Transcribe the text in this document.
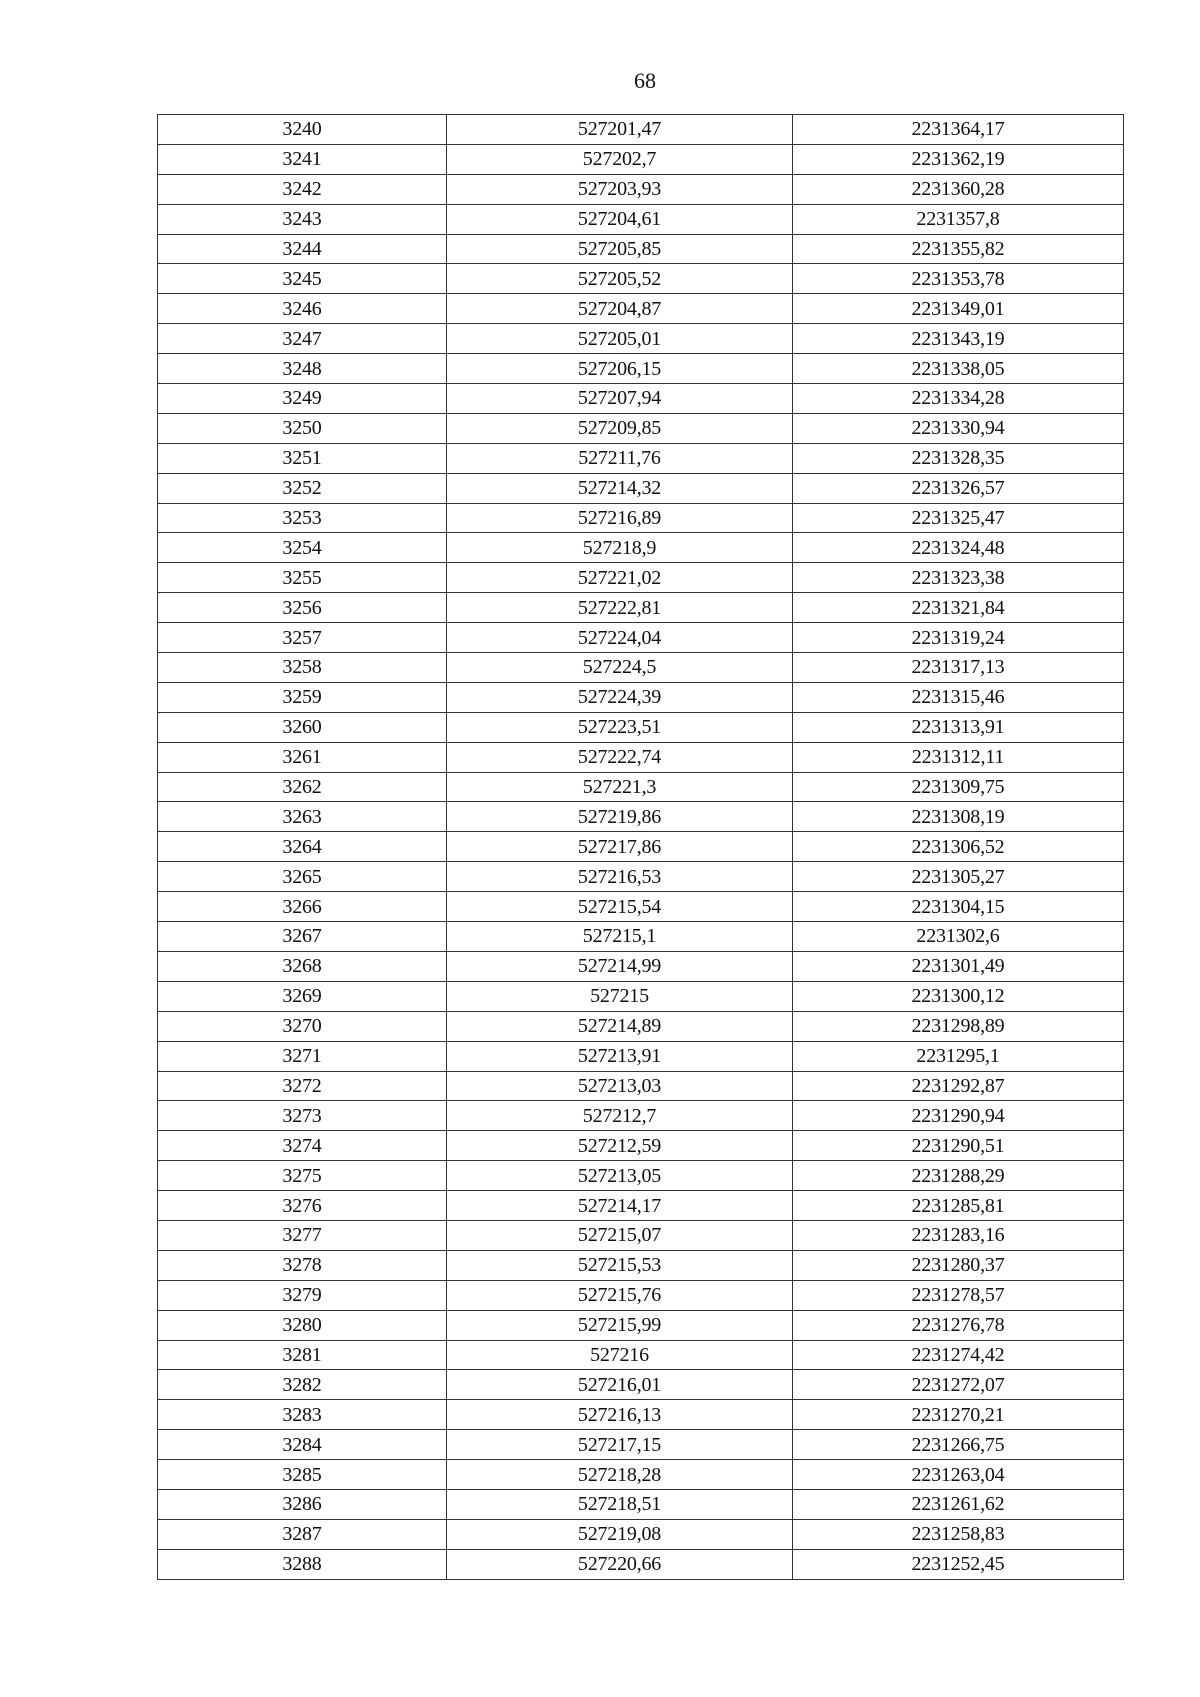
68
3240	527201,47	2231364,17
3241	527202,7	2231362,19
3242	527203,93	2231360,28
3243	527204,61	2231357,8
3244	527205,85	2231355,82
3245	527205,52	2231353,78
3246	527204,87	2231349,01
3247	527205,01	2231343,19
3248	527206,15	2231338,05
3249	527207,94	2231334,28
3250	527209,85	2231330,94
3251	527211,76	2231328,35
3252	527214,32	2231326,57
3253	527216,89	2231325,47
3254	527218,9	2231324,48
3255	527221,02	2231323,38
3256	527222,81	2231321,84
3257	527224,04	2231319,24
3258	527224,5	2231317,13
3259	527224,39	2231315,46
3260	527223,51	2231313,91
3261	527222,74	2231312,11
3262	527221,3	2231309,75
3263	527219,86	2231308,19
3264	527217,86	2231306,52
3265	527216,53	2231305,27
3266	527215,54	2231304,15
3267	527215,1	2231302,6
3268	527214,99	2231301,49
3269	527215	2231300,12
3270	527214,89	2231298,89
3271	527213,91	2231295,1
3272	527213,03	2231292,87
3273	527212,7	2231290,94
3274	527212,59	2231290,51
3275	527213,05	2231288,29
3276	527214,17	2231285,81
3277	527215,07	2231283,16
3278	527215,53	2231280,37
3279	527215,76	2231278,57
3280	527215,99	2231276,78
3281	527216	2231274,42
3282	527216,01	2231272,07
3283	527216,13	2231270,21
3284	527217,15	2231266,75
3285	527218,28	2231263,04
3286	527218,51	2231261,62
3287	527219,08	2231258,83
3288	527220,66	2231252,45
